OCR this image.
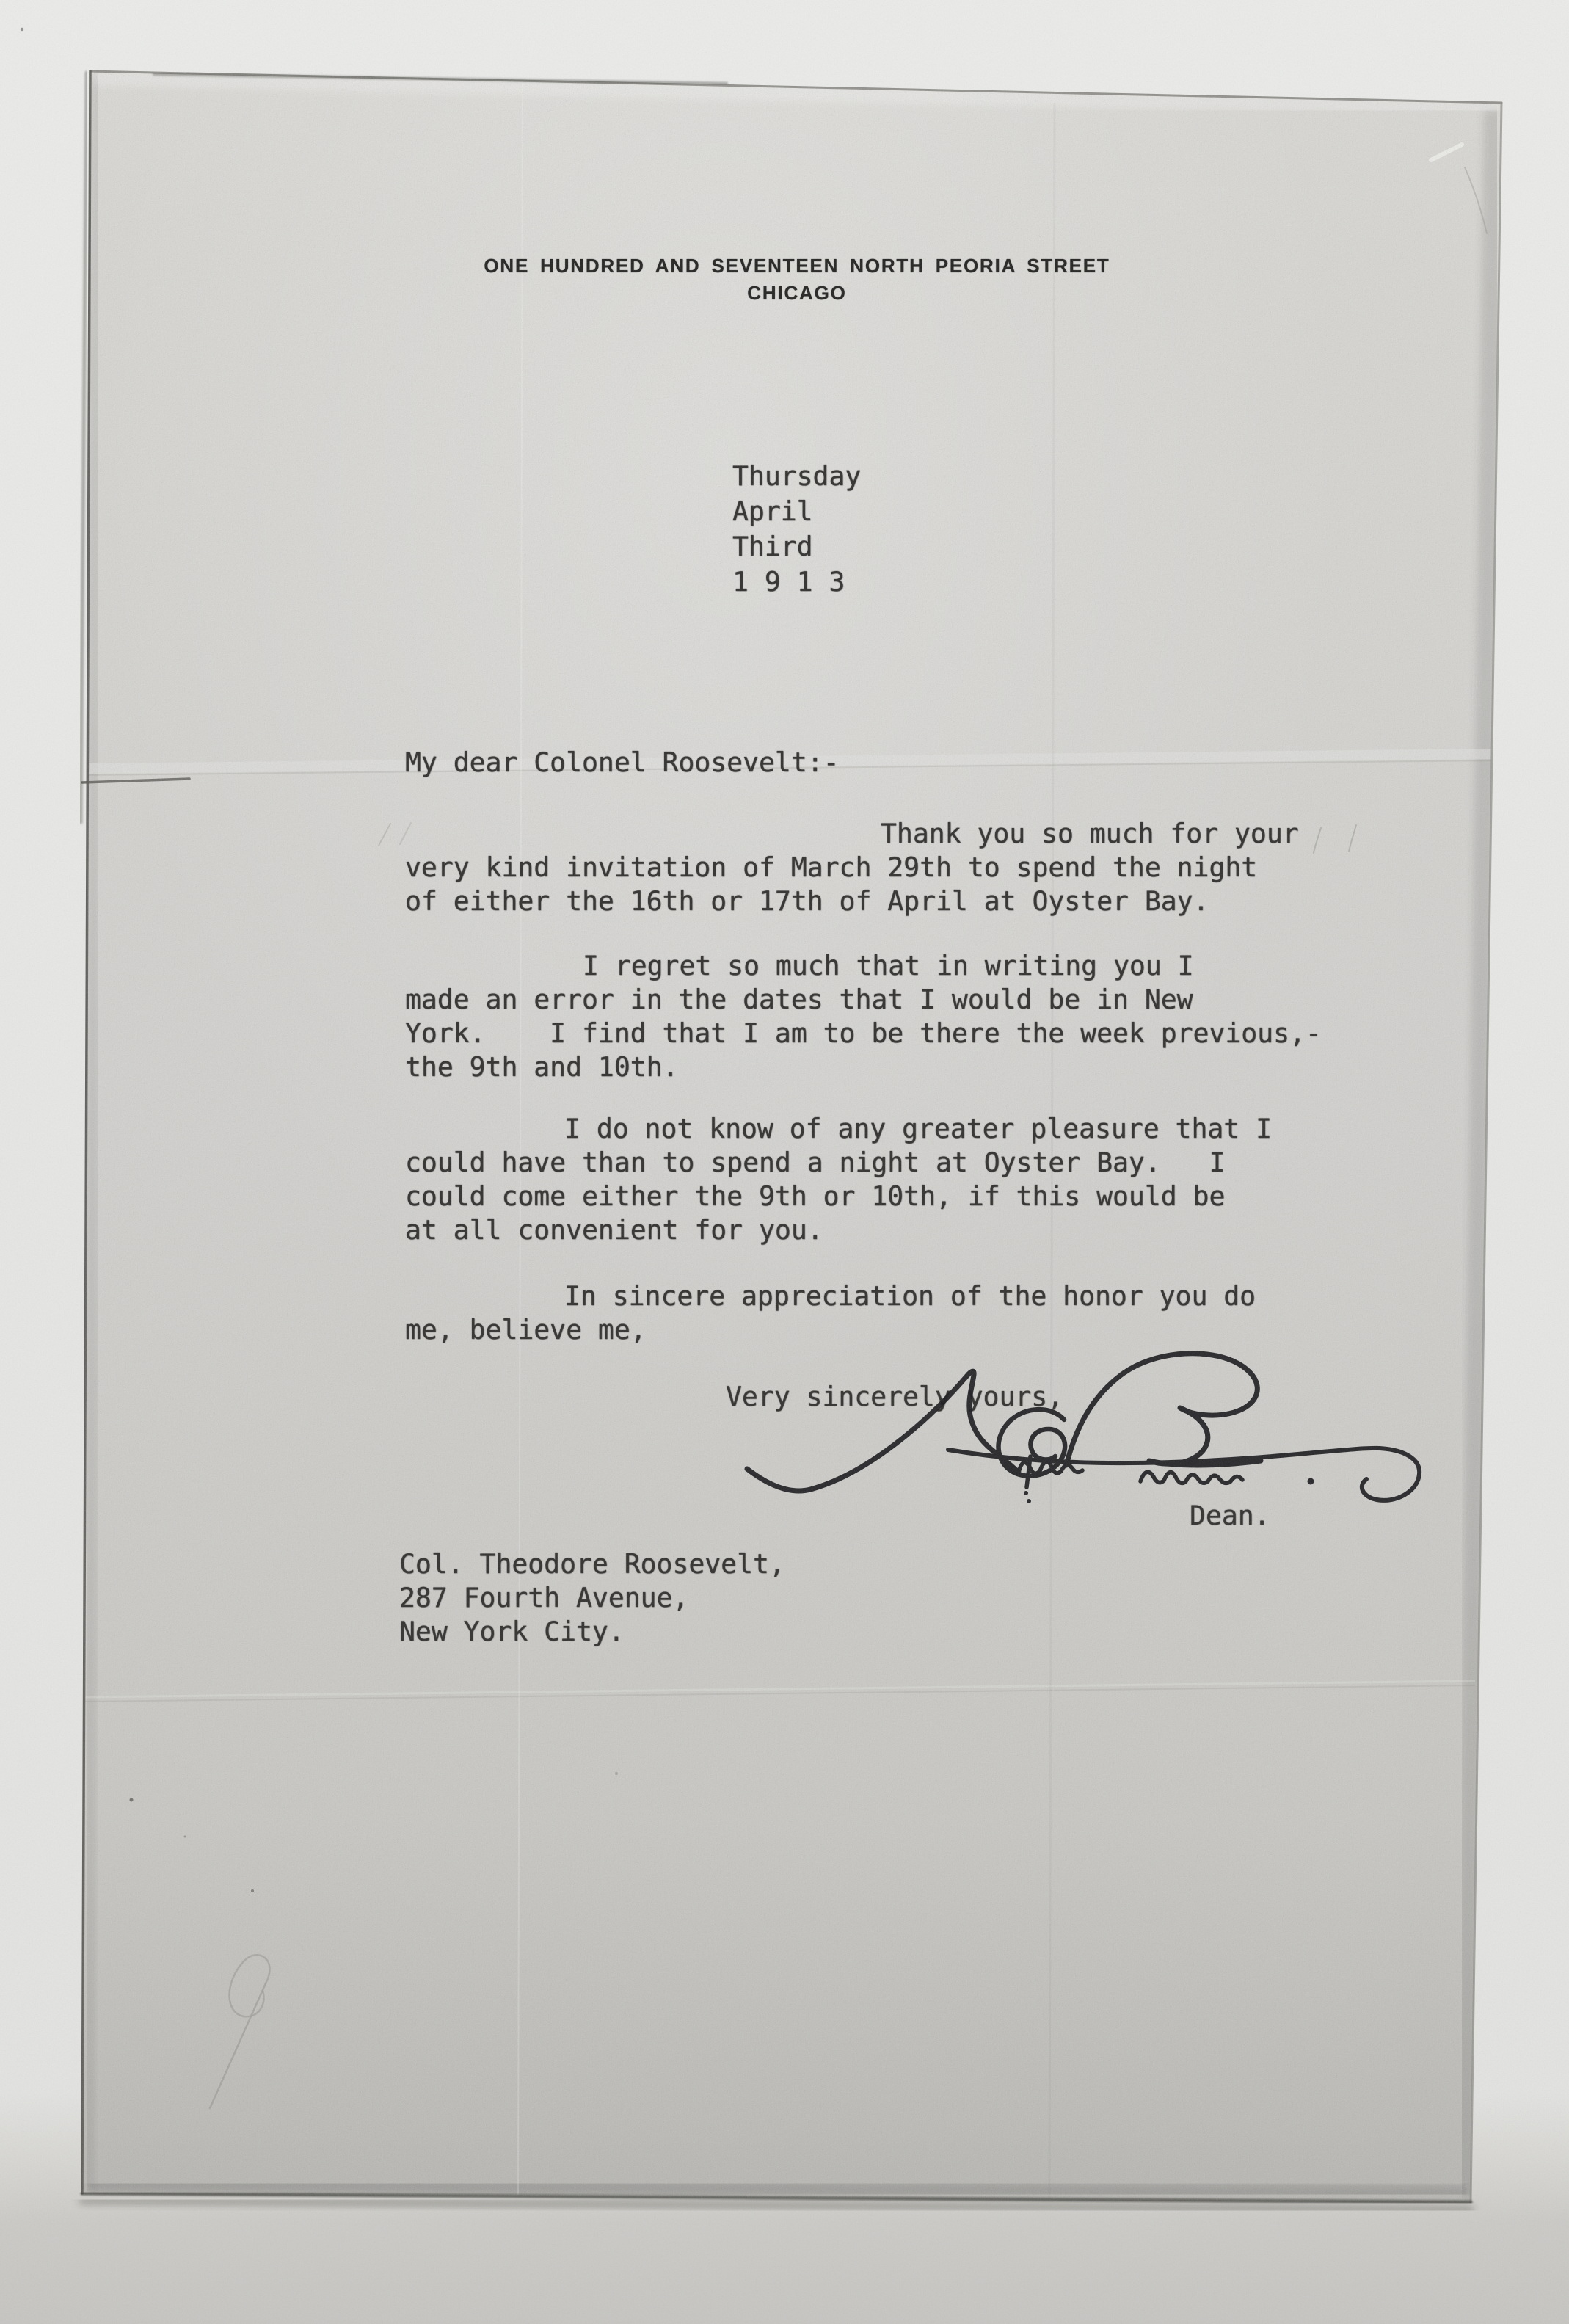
ONE HUNDRED AND SEVENTEEN NORTH PEORIA STREET
CHICAGO
Thursday
April
Third
1 9 1 3
My dear Colonel Roosevelt:-
Thank you so much for your
very kind invitation of March 29th to spend the night
of either the 16th or 17th of April at Oyster Bay.
I regret so much that in writing you I
made an error in the dates that I would be in New
York.    I find that I am to be there the week previous,-
the 9th and 10th.
I do not know of any greater pleasure that I
could have than to spend a night at Oyster Bay.   I
could come either the 9th or 10th, if this would be
at all convenient for you.
In sincere appreciation of the honor you do
me, believe me,
Very sincerely yours,
Dean.
Col. Theodore Roosevelt,
287 Fourth Avenue,
New York City.
